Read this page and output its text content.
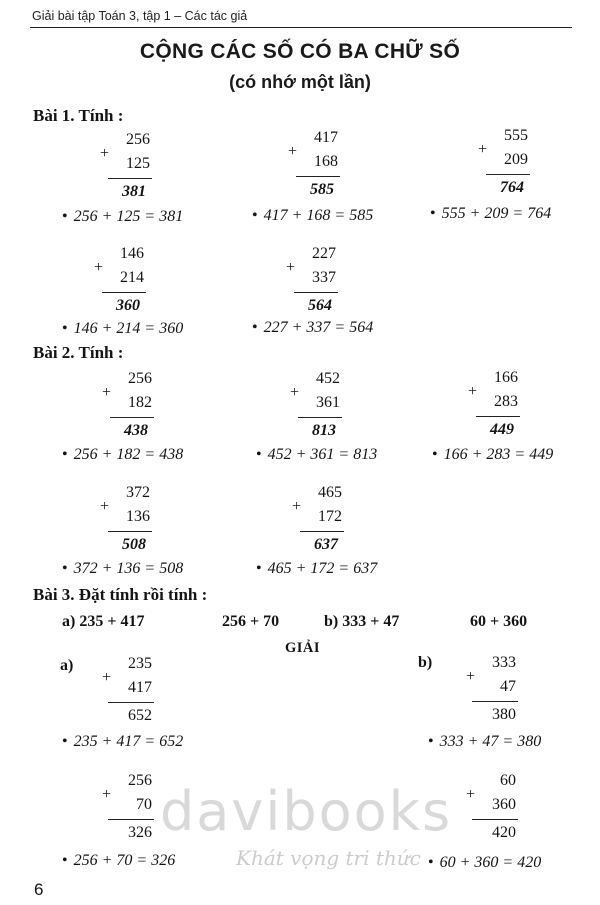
Giải bài tập Toán 3, tập 1 – Các tác giả
CỘNG CÁC SỐ CÓ BA CHỮ SỐ
(có nhớ một lần)
Bài 1. Tính :
256
+
125
381
• 256 + 125 = 381
417
+
168
585
• 417 + 168 = 585
555
+
209
764
• 555 + 209 = 764
146
+
214
360
• 146 + 214 = 360
227
+
337
564
• 227 + 337 = 564
Bài 2. Tính :
256
+
182
438
• 256 + 182 = 438
452
+
361
813
• 452 + 361 = 813
166
+
283
449
• 166 + 283 = 449
372
+
136
508
• 372 + 136 = 508
465
+
172
637
• 465 + 172 = 637
Bài 3. Đặt tính rồi tính :
a) 235 + 417	256 + 70	b) 333 + 47	60 + 360
GIẢI
a)	b)
235
+
417
652
• 235 + 417 = 652
333
+
47
380
• 333 + 47 = 380
256
+
70
326
• 256 + 70 = 326
60
+
360
420
• 60 + 360 = 420
davibooks
Khát vọng tri thức
6
